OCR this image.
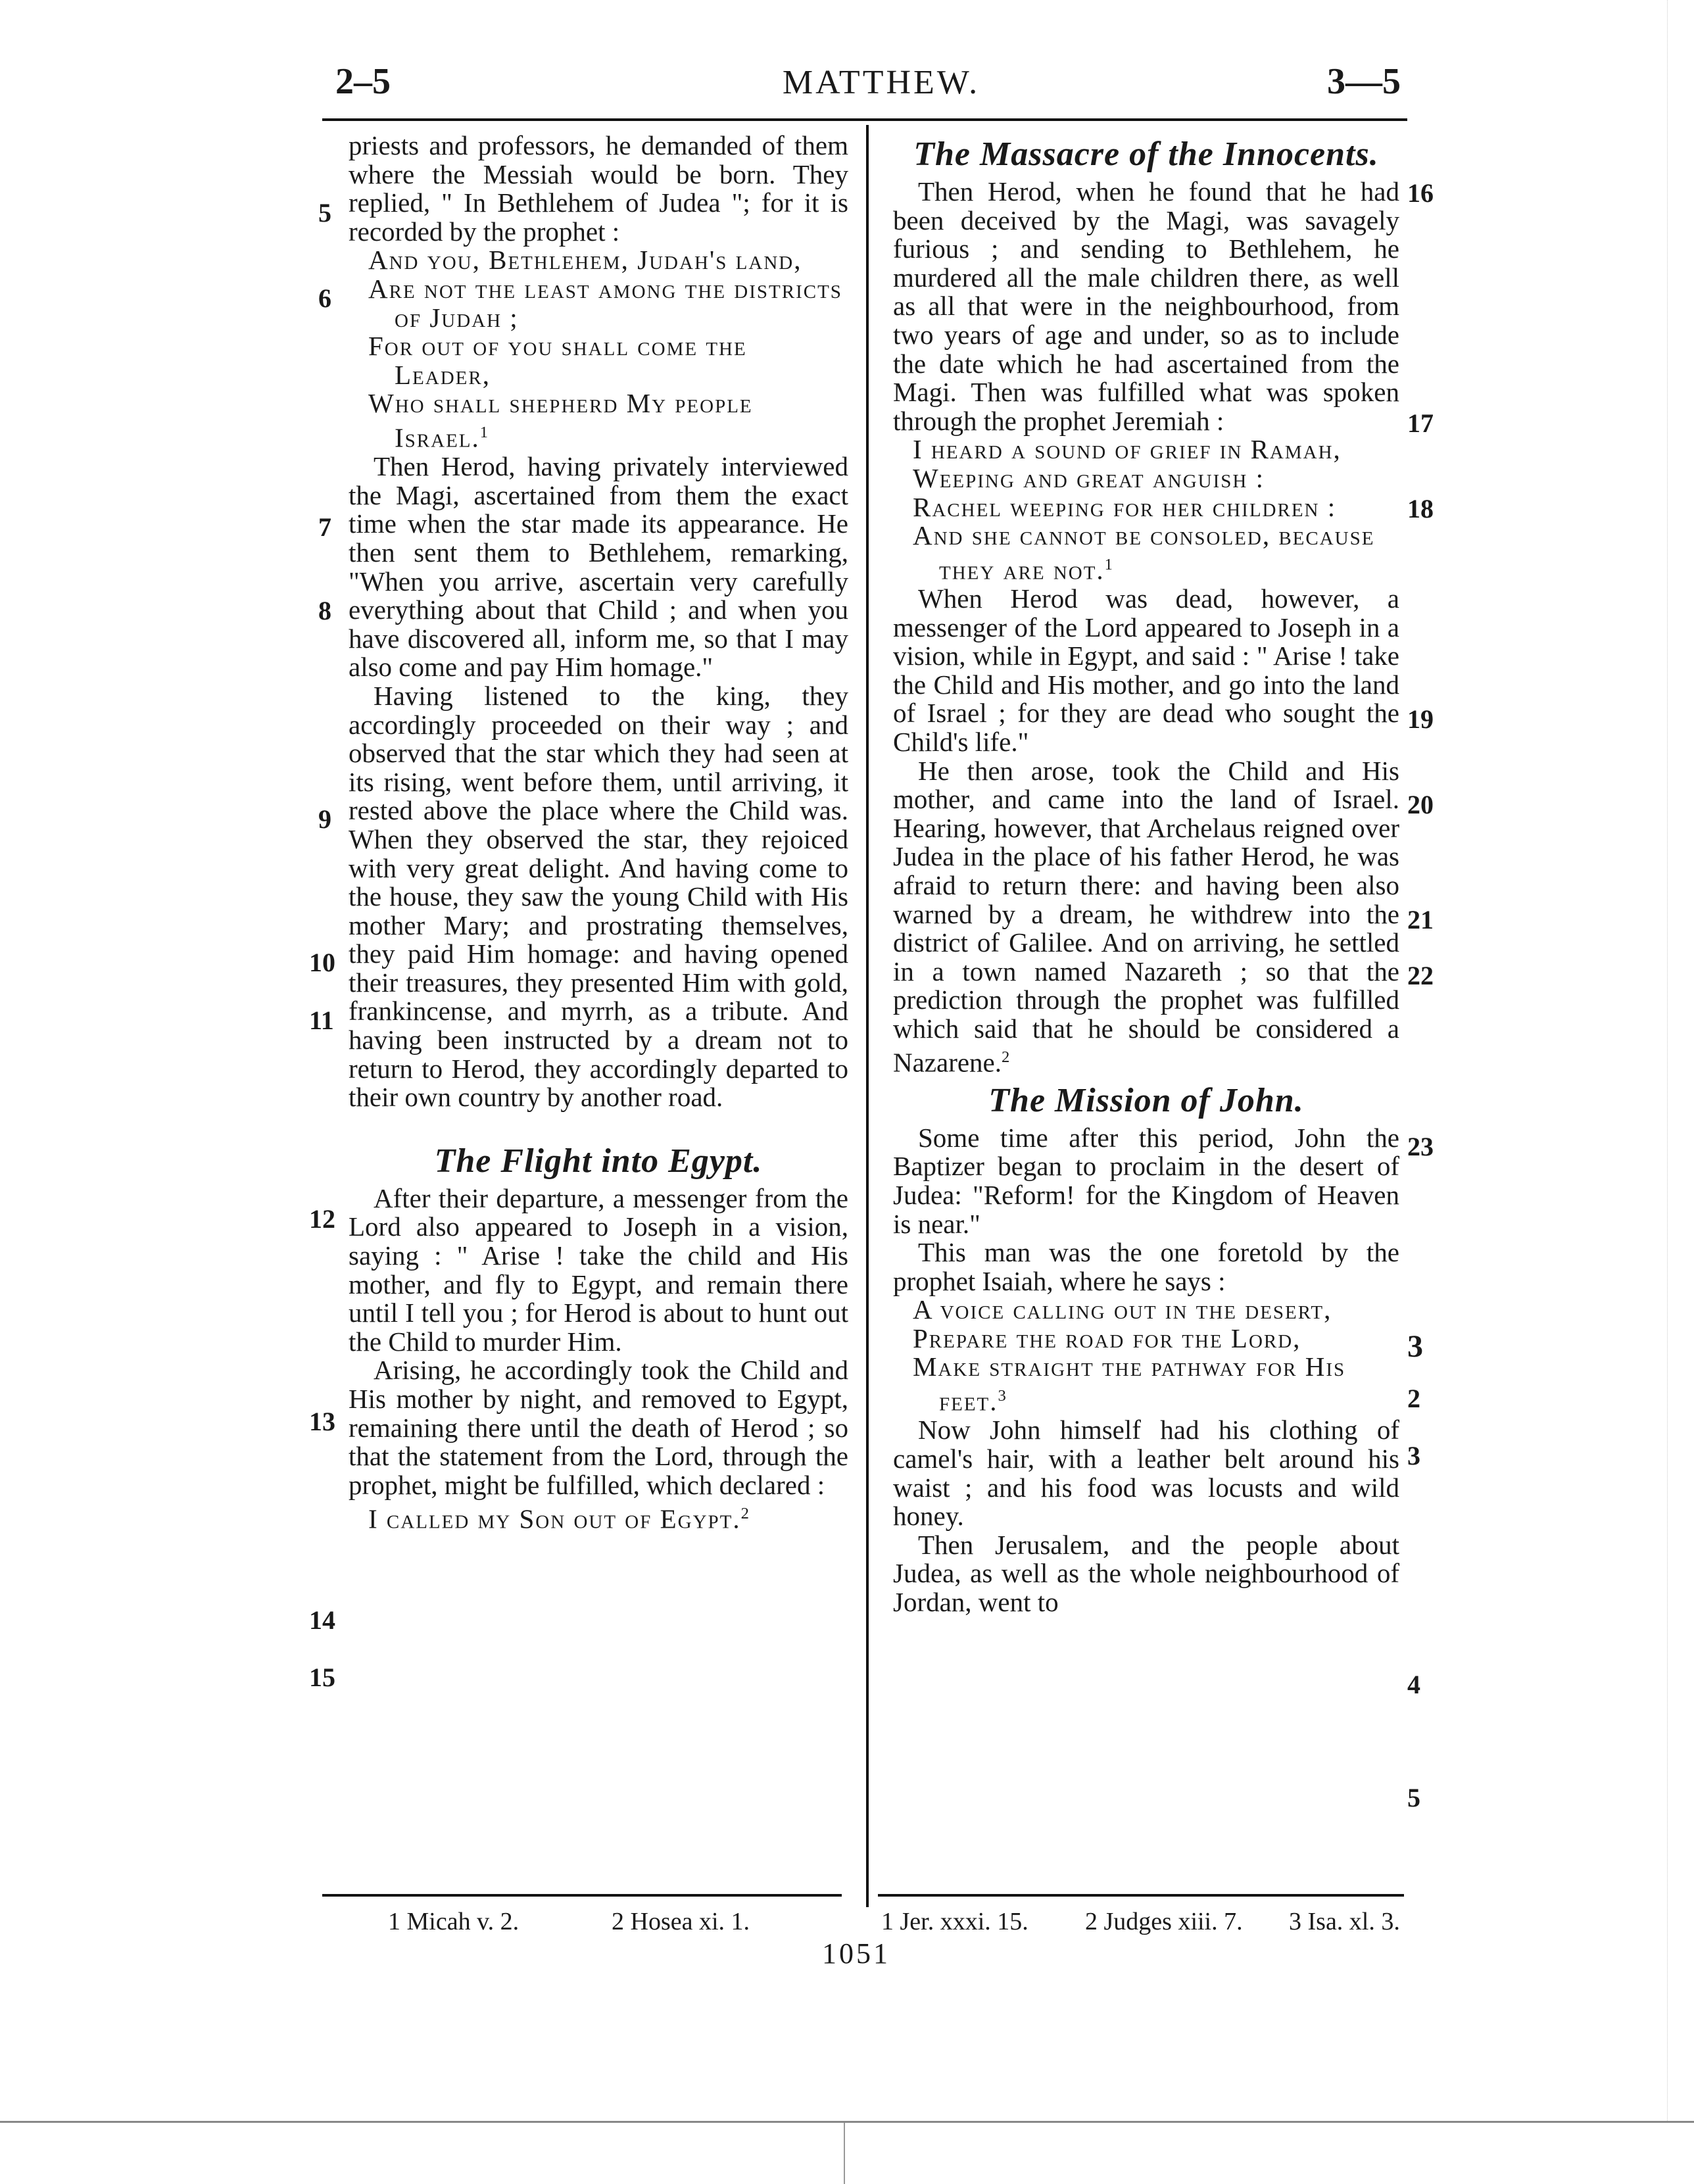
2–5	MATTHEW.	3—5

priests and professors, he demanded of them where the Messiah would be born. They replied, " In Bethlehem of Judea "; for it is recorded by the prophet :

And you, Bethlehem, Judah's land,

Are not the least among the districts of Judah ;

For out of you shall come the Leader,

Who shall shepherd My people Israel.$^1$

Then Herod, having privately interviewed the Magi, ascertained from them the exact time when the star made its appearance. He then sent them to Bethlehem, remarking, "When you arrive, ascertain very carefully everything about that Child ; and when you have discovered all, inform me, so that I may also come and pay Him homage."

Having listened to the king, they accordingly proceeded on their way ; and observed that the star which they had seen at its rising, went before them, until arriving, it rested above the place where the Child was. When they observed the star, they rejoiced with very great delight. And having come to the house, they saw the young Child with His mother Mary; and prostrating themselves, they paid Him homage: and having opened their treasures, they presented Him with gold, frankincense, and myrrh, as a tribute. And having been instructed by a dream not to return to Herod, they accordingly departed to their own country by another road.

The Flight into Egypt.

After their departure, a messenger from the Lord also appeared to Joseph in a vision, saying : " Arise ! take the child and His mother, and fly to Egypt, and remain there until I tell you ; for Herod is about to hunt out the Child to murder Him.

Arising, he accordingly took the Child and His mother by night, and removed to Egypt, remaining there until the death of Herod ; so that the statement from the Lord, through the prophet, might be fulfilled, which declared :

I called my Son out of Egypt.$^2$

The Massacre of the Innocents.

Then Herod, when he found that he had been deceived by the Magi, was savagely furious ; and sending to Bethlehem, he murdered all the male children there, as well as all that were in the neighbourhood, from two years of age and under, so as to include the date which he had ascertained from the Magi. Then was fulfilled what was spoken through the prophet Jeremiah :

I heard a sound of grief in Ramah,

Weeping and great anguish :

Rachel weeping for her children :

And she cannot be consoled, because they are not.$^1$

When Herod was dead, however, a messenger of the Lord appeared to Joseph in a vision, while in Egypt, and said : " Arise ! take the Child and His mother, and go into the land of Israel ; for they are dead who sought the Child's life."

He then arose, took the Child and His mother, and came into the land of Israel. Hearing, however, that Archelaus reigned over Judea in the place of his father Herod, he was afraid to return there: and having been also warned by a dream, he withdrew into the district of Galilee. And on arriving, he settled in a town named Nazareth ; so that the prediction through the prophet was fulfilled which said that he should be considered a Nazarene.$^2$

The Mission of John.

Some time after this period, John the Baptizer began to proclaim in the desert of Judea: "Reform! for the Kingdom of Heaven is near."

This man was the one foretold by the prophet Isaiah, where he says :

A voice calling out in the desert,

Prepare the road for the Lord,

Make straight the pathway for His feet.$^3$

Now John himself had his clothing of camel's hair, with a leather belt around his waist ; and his food was locusts and wild honey.

Then Jerusalem, and the people about Judea, as well as the whole neighbourhood of Jordan, went to

5
6
7
8
9
10
11
12
13
14
15
16
17
18
19
20
21
22
23
3
2
3
4
5
1 Micah v. 2.	2 Hosea xi. 1.	1 Jer. xxxi. 15. 2 Judges xiii. 7. 3 Isa. xl. 3.
1051
